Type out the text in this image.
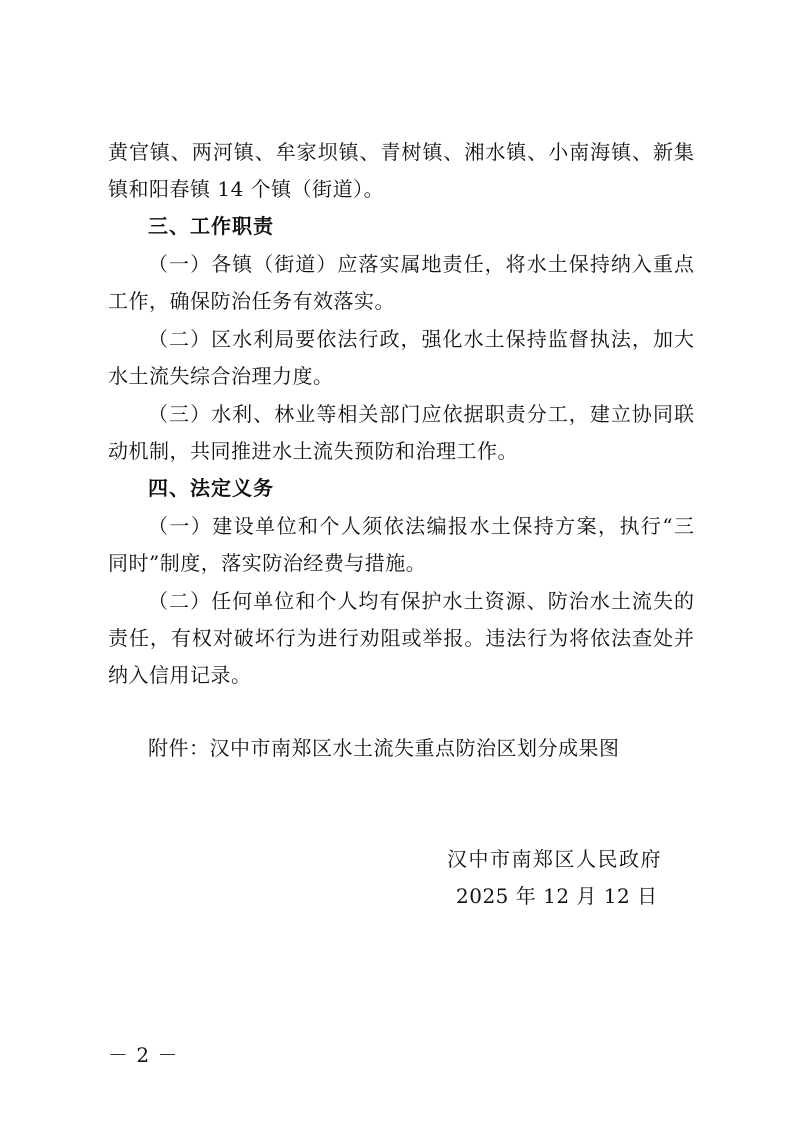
黄官镇、两河镇、牟家坝镇、青树镇、湘水镇、小南海镇、新集
镇和阳春镇 14 个镇（街道）。
三、工作职责
（一）各镇（街道）应落实属地责任，将水土保持纳入重点
工作，确保防治任务有效落实。
（二）区水利局要依法行政，强化水土保持监督执法，加大
水土流失综合治理力度。
（三）水利、林业等相关部门应依据职责分工，建立协同联
动机制，共同推进水土流失预防和治理工作。
四、法定义务
（一）建设单位和个人须依法编报水土保持方案，执行“三
同时”制度，落实防治经费与措施。
（二）任何单位和个人均有保护水土资源、防治水土流失的
责任，有权对破坏行为进行劝阻或举报。违法行为将依法查处并
纳入信用记录。
附件：汉中市南郑区水土流失重点防治区划分成果图
汉中市南郑区人民政府
2025 年 12 月 12 日
－ 2 －
